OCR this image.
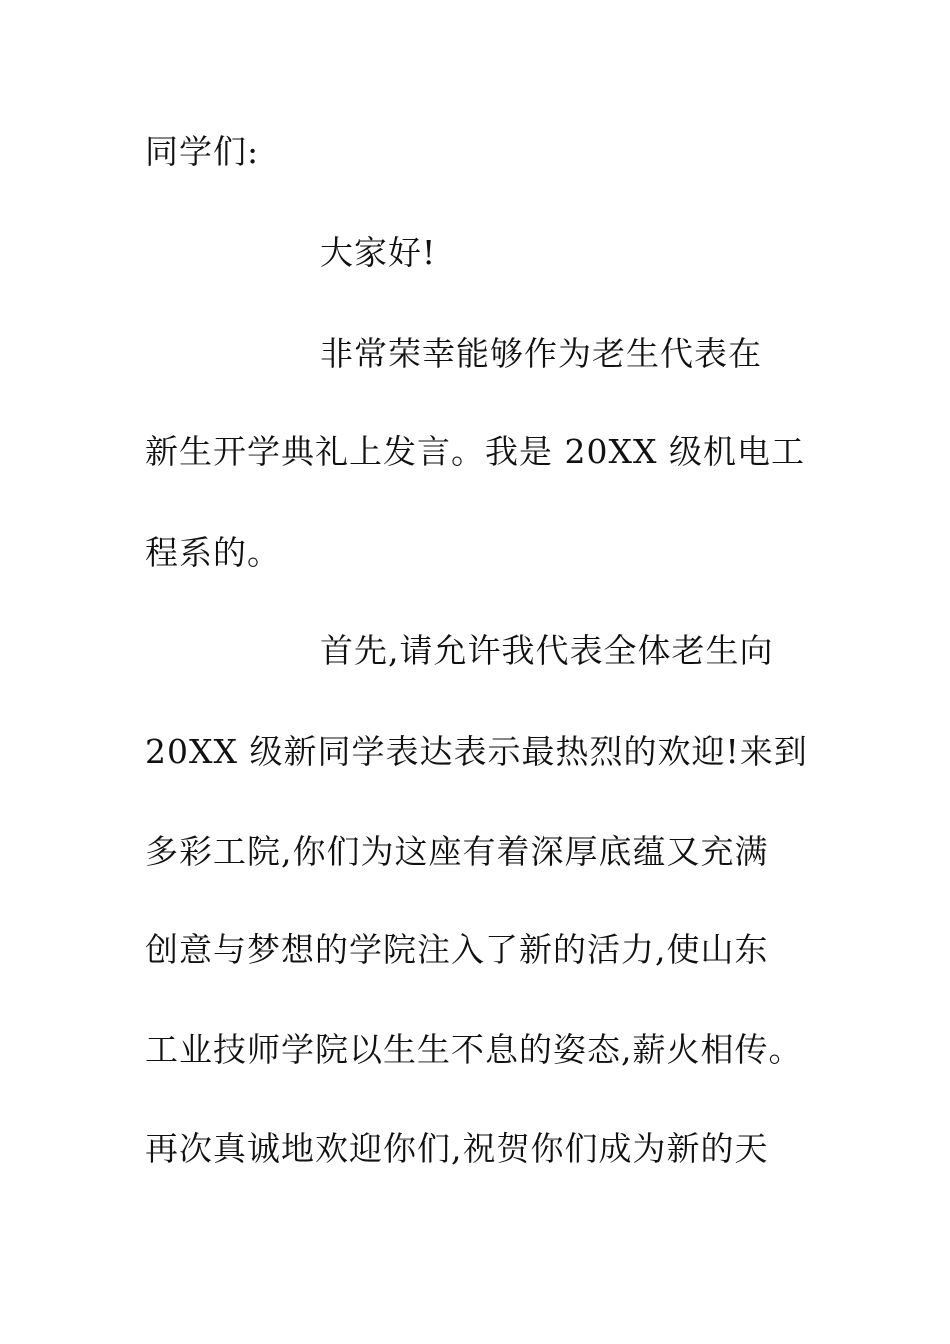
同学们:
大家好!
非常荣幸能够作为老生代表在
新生开学典礼上发言。我是 20XX 级机电工
程系的。
首先,请允许我代表全体老生向
20XX 级新同学表达表示最热烈的欢迎!来到
多彩工院,你们为这座有着深厚底蕴又充满
创意与梦想的学院注入了新的活力,使山东
工业技师学院以生生不息的姿态,薪火相传。
再次真诚地欢迎你们,祝贺你们成为新的天
